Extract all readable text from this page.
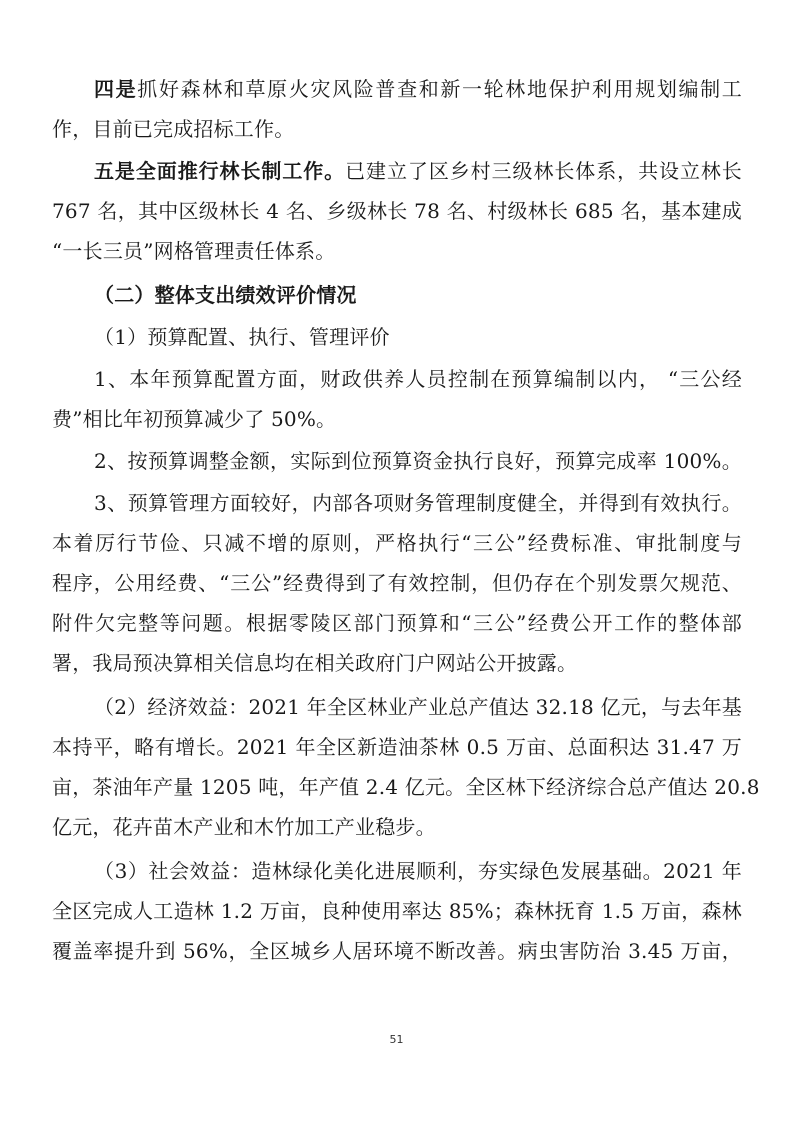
四是抓好森林和草原火灾风险普查和新一轮林地保护利用规划编制工
作，目前已完成招标工作。
五是全面推行林长制工作。已建立了区乡村三级林长体系，共设立林长
767 名，其中区级林长 4 名、乡级林长 78 名、村级林长 685 名，基本建成
“一长三员”网格管理责任体系。
（二）整体支出绩效评价情况
（1）预算配置、执行、管理评价
1、本年预算配置方面，财政供养人员控制在预算编制以内， “三公经
费”相比年初预算减少了 50%。
2、按预算调整金额，实际到位预算资金执行良好，预算完成率 100%。
3、预算管理方面较好，内部各项财务管理制度健全，并得到有效执行。
本着厉行节俭、只减不增的原则，严格执行“三公”经费标准、审批制度与
程序，公用经费、“三公”经费得到了有效控制，但仍存在个别发票欠规范、
附件欠完整等问题。根据零陵区部门预算和“三公”经费公开工作的整体部
署，我局预决算相关信息均在相关政府门户网站公开披露。
（2）经济效益：2021 年全区林业产业总产值达 32.18 亿元，与去年基
本持平，略有增长。2021 年全区新造油茶林 0.5 万亩、总面积达 31.47 万
亩，茶油年产量 1205 吨，年产值 2.4 亿元。全区林下经济综合总产值达 20.8
亿元，花卉苗木产业和木竹加工产业稳步。
（3）社会效益：造林绿化美化进展顺利，夯实绿色发展基础。2021 年
全区完成人工造林 1.2 万亩，良种使用率达 85%；森林抚育 1.5 万亩，森林
覆盖率提升到 56%，全区城乡人居环境不断改善。病虫害防治 3.45 万亩，
51
